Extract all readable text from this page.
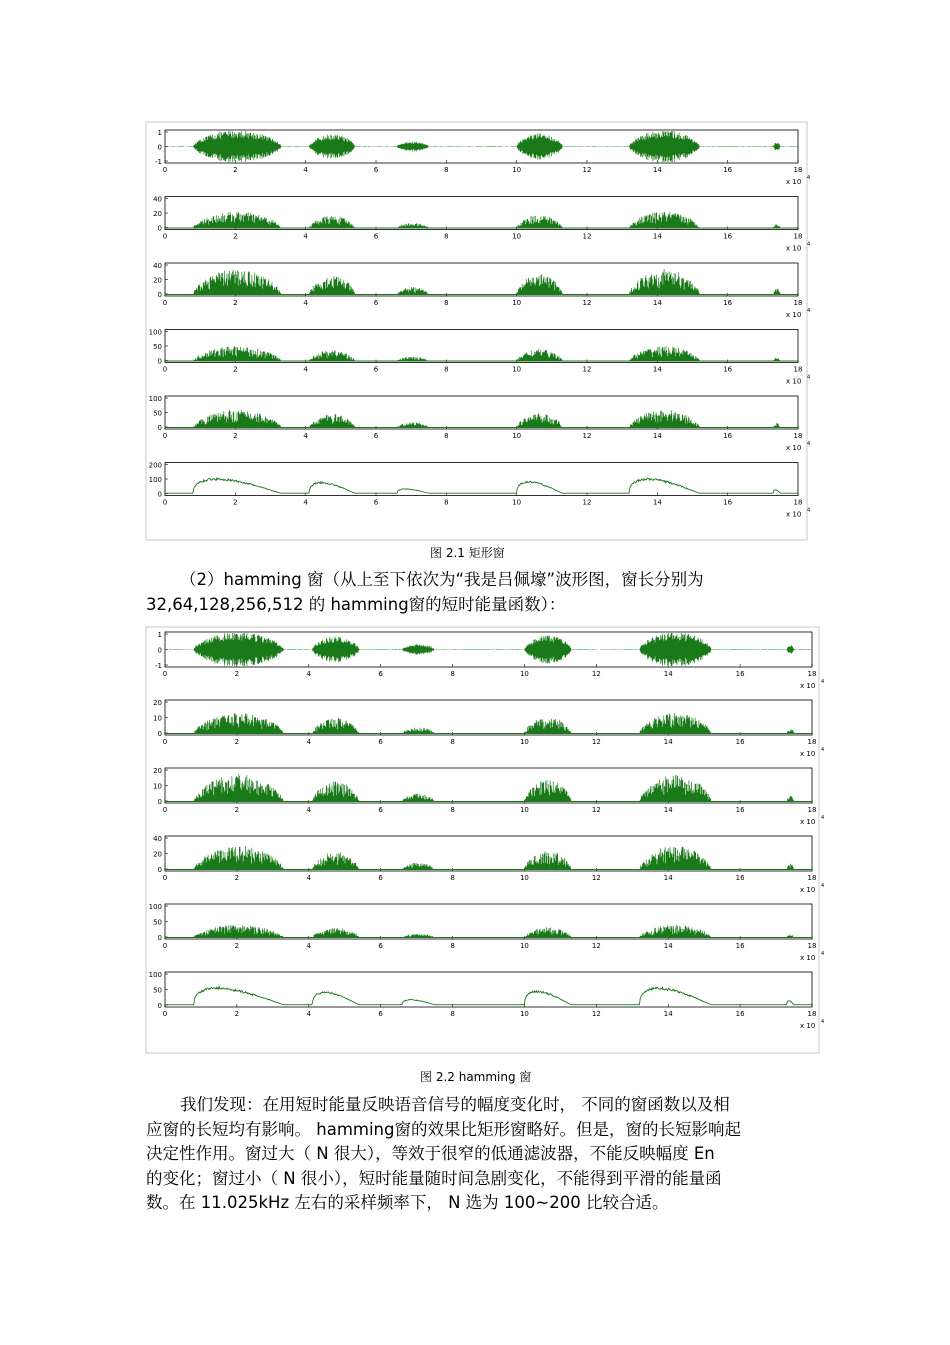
1
0
-1
0	2	4	6	8	10	12	14	16	18
x 10 4
40
20
0
0	2	4	6	8	10	12	14	16	18
x 10 4
40
20
0
0	2	4	6	8	10	12	14	16	18
x 10 4
100
50
0
0	2	4	6	8	10	12	14	16	18
x 10 4
100
50
0
0	2	4	6	8	10	12	14	16	18
x 10 4
200
100
0
0	2	4	6	8	10	12	14	16	18
x 10 4
图 2.1 矩形窗
（2）hamming 窗（从上至下依次为“我是吕佩壕”波形图，窗长分别为
32,64,128,256,512 的 hamming窗的短时能量函数）：
1
0
-1
0	2	4	6	8	10	12	14	16	18
x 10 4
20
10
0
0	2	4	6	8	10	12	14	16	18
x 10 4
20
10
0
0	2	4	6	8	10	12	14	16	18
x 10 4
40
20
0
0	2	4	6	8	10	12	14	16	18
x 10 4
100
50
0
0	2	4	6	8	10	12	14	16	18
x 10 4
100
50
0
0	2	4	6	8	10	12	14	16	18
x 10 4
图 2.2 hamming 窗
我们发现：在用短时能量反映语音信号的幅度变化时， 不同的窗函数以及相
应窗的长短均有影响。 hamming窗的效果比矩形窗略好。但是，窗的长短影响起
决定性作用。窗过大（ N 很大），等效于很窄的低通滤波器，不能反映幅度 En
的变化；窗过小（ N 很小），短时能量随时间急剧变化，不能得到平滑的能量函
数。在 11.025kHz 左右的采样频率下， N 选为 100~200 比较合适。
